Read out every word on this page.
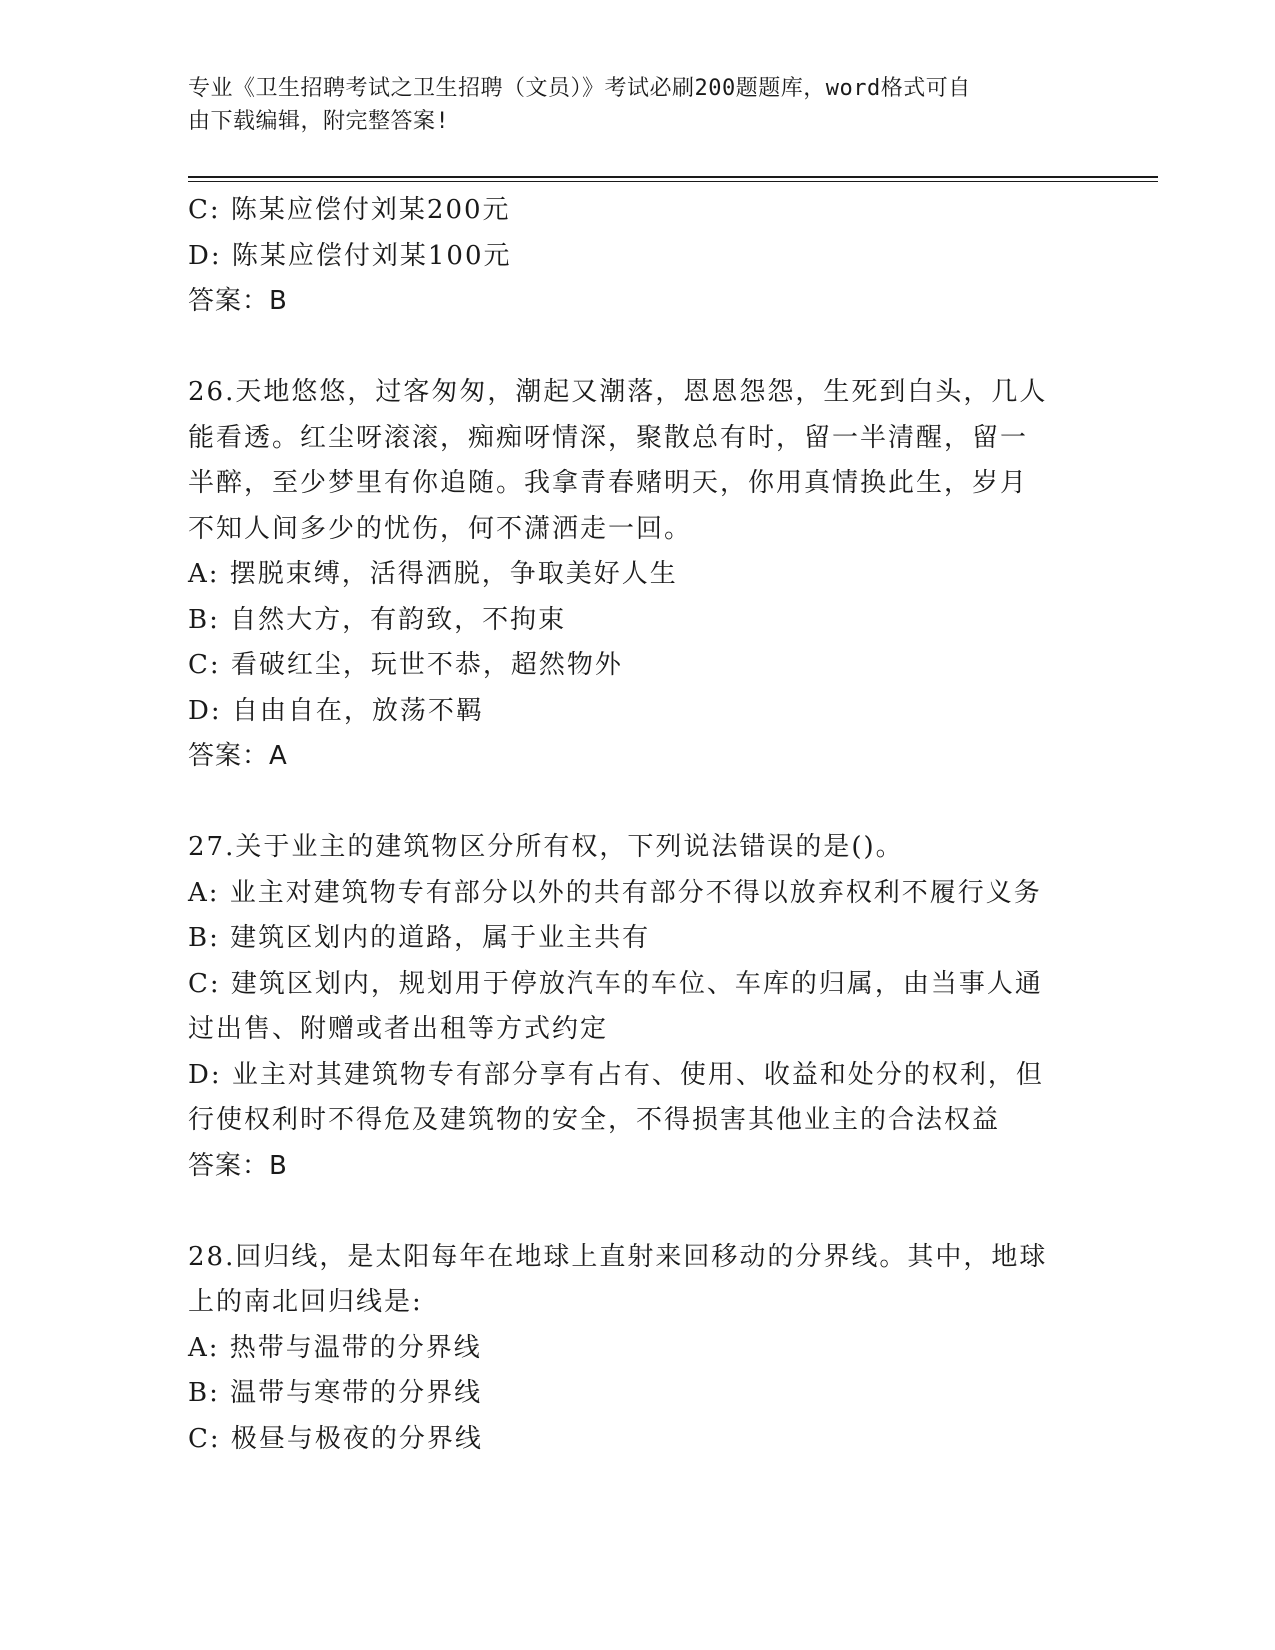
专业《卫生招聘考试之卫生招聘（文员）》考试必刷200题题库，word格式可自
由下载编辑，附完整答案!
C: 陈某应偿付刘某200元
D: 陈某应偿付刘某100元
答案：B
26.天地悠悠，过客匆匆，潮起又潮落，恩恩怨怨，生死到白头，几人
能看透。红尘呀滚滚，痴痴呀情深，聚散总有时，留一半清醒，留一
半醉，至少梦里有你追随。我拿青春赌明天，你用真情换此生，岁月
不知人间多少的忧伤，何不潇洒走一回。
A: 摆脱束缚，活得洒脱，争取美好人生
B: 自然大方，有韵致，不拘束
C: 看破红尘，玩世不恭，超然物外
D: 自由自在，放荡不羁
答案：A
27.关于业主的建筑物区分所有权，下列说法错误的是()。
A: 业主对建筑物专有部分以外的共有部分不得以放弃权利不履行义务
B: 建筑区划内的道路，属于业主共有
C: 建筑区划内，规划用于停放汽车的车位、车库的归属，由当事人通
过出售、附赠或者出租等方式约定
D: 业主对其建筑物专有部分享有占有、使用、收益和处分的权利，但
行使权利时不得危及建筑物的安全，不得损害其他业主的合法权益
答案：B
28.回归线，是太阳每年在地球上直射来回移动的分界线。其中，地球
上的南北回归线是:
A: 热带与温带的分界线
B: 温带与寒带的分界线
C: 极昼与极夜的分界线
